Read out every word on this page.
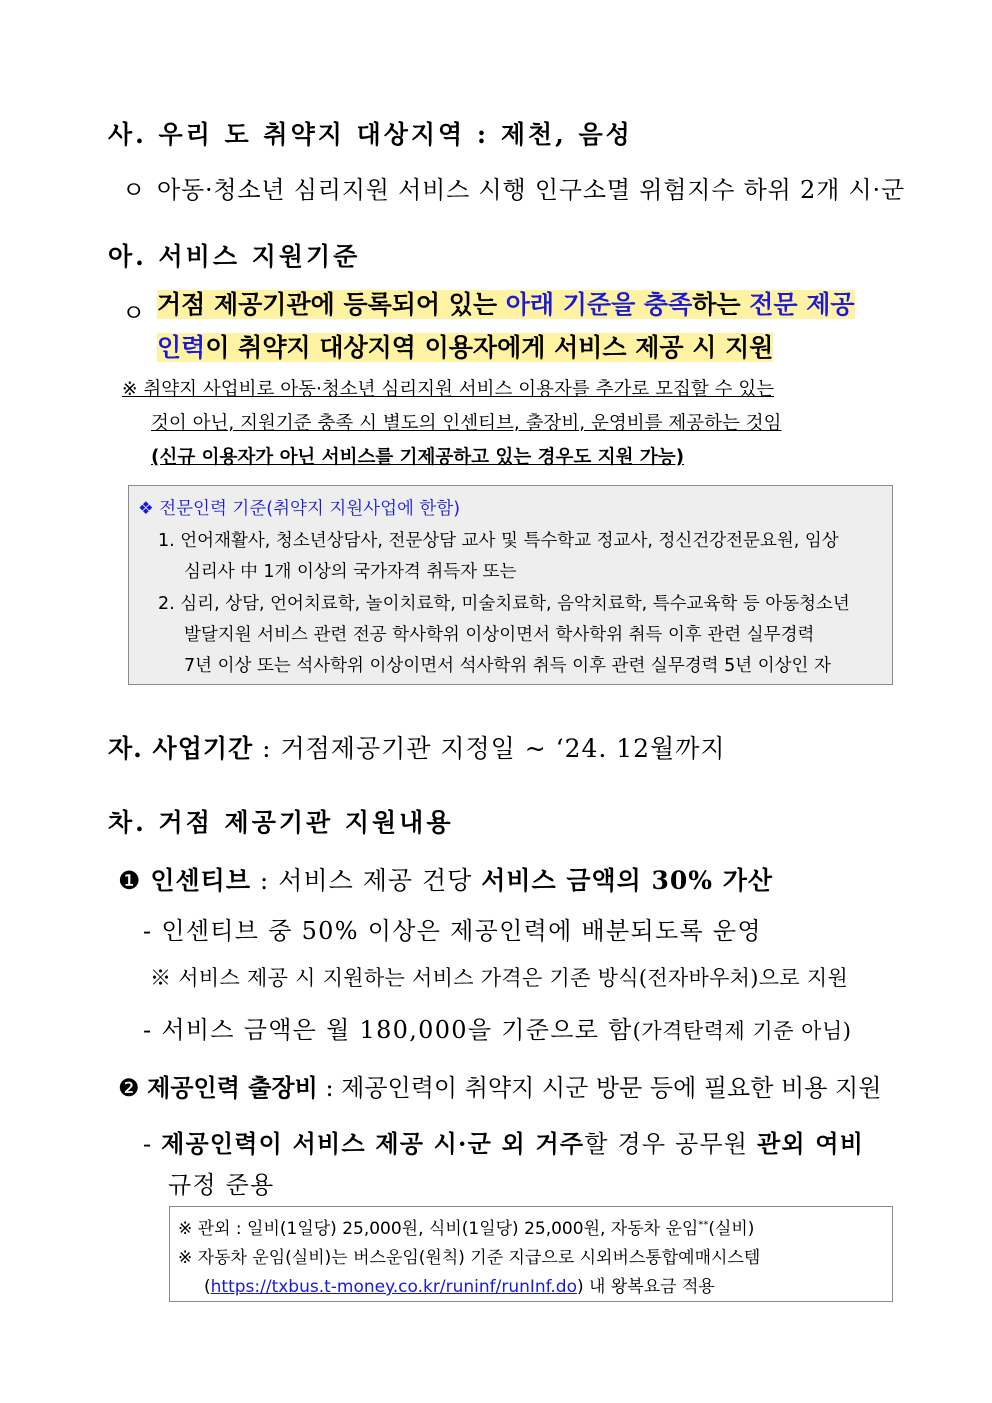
사. 우리 도 취약지 대상지역 : 제천, 음성
ㅇ 아동·청소년 심리지원 서비스 시행 인구소멸 위험지수 하위 2개 시·군
아. 서비스 지원기준
ㅇ 거점 제공기관에 등록되어 있는 아래 기준을 충족하는 전문 제공
인력이 취약지 대상지역 이용자에게 서비스 제공 시 지원
※ 취약지 사업비로 아동·청소년 심리지원 서비스 이용자를 추가로 모집할 수 있는
것이 아닌, 지원기준 충족 시 별도의 인센티브, 출장비, 운영비를 제공하는 것임
(신규 이용자가 아닌 서비스를 기제공하고 있는 경우도 지원 가능)
❖ 전문인력 기준(취약지 지원사업에 한함)
1. 언어재활사, 청소년상담사, 전문상담 교사 및 특수학교 정교사, 정신건강전문요원, 임상
심리사 中 1개 이상의 국가자격 취득자 또는
2. 심리, 상담, 언어치료학, 놀이치료학, 미술치료학, 음악치료학, 특수교육학 등 아동청소년
발달지원 서비스 관련 전공 학사학위 이상이면서 학사학위 취득 이후 관련 실무경력
7년 이상 또는 석사학위 이상이면서 석사학위 취득 이후 관련 실무경력 5년 이상인 자
자. 사업기간 : 거점제공기관 지정일 ~ ‘24. 12월까지
차. 거점 제공기관 지원내용
❶ 인센티브 : 서비스 제공 건당 서비스 금액의 30% 가산
- 인센티브 중 50% 이상은 제공인력에 배분되도록 운영
※ 서비스 제공 시 지원하는 서비스 가격은 기존 방식(전자바우처)으로 지원
- 서비스 금액은 월 180,000을 기준으로 함(가격탄력제 기준 아님)
❷ 제공인력 출장비 : 제공인력이 취약지 시군 방문 등에 필요한 비용 지원
- 제공인력이 서비스 제공 시·군 외 거주할 경우 공무원 관외 여비
규정 준용
※ 관외 : 일비(1일당) 25,000원, 식비(1일당) 25,000원, 자동차 운임**(실비)
※ 자동차 운임(실비)는 버스운임(원칙) 기준 지급으로 시외버스통합예매시스템
(https://txbus.t-money.co.kr/runinf/runInf.do) 내 왕복요금 적용
